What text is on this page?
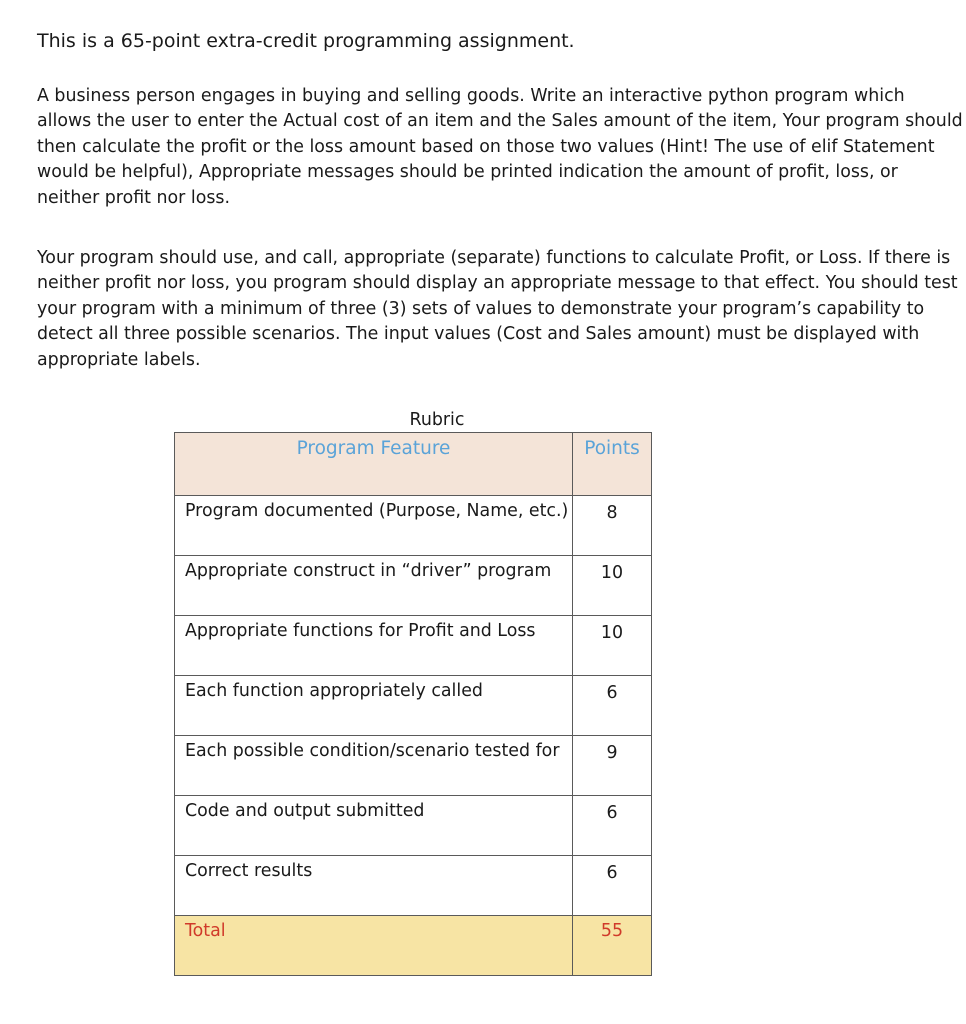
This is a 65-point extra-credit programming assignment.

A business person engages in buying and selling goods. Write an interactive python program which
allows the user to enter the Actual cost of an item and the Sales amount of the item, Your program should
then calculate the profit or the loss amount based on those two values (Hint! The use of elif Statement
would be helpful), Appropriate messages should be printed indication the amount of profit, loss, or
neither profit nor loss.

Your program should use, and call, appropriate (separate) functions to calculate Profit, or Loss. If there is
neither profit nor loss, you program should display an appropriate message to that effect. You should test
your program with a minimum of three (3) sets of values to demonstrate your program’s capability to
detect all three possible scenarios. The input values (Cost and Sales amount) must be displayed with
appropriate labels.

Rubric
Program Feature	Points
Program documented (Purpose, Name, etc.)	8
Appropriate construct in “driver” program	10
Appropriate functions for Profit and Loss	10
Each function appropriately called	6
Each possible condition/scenario tested for	9
Code and output submitted	6
Correct results	6
Total	55
